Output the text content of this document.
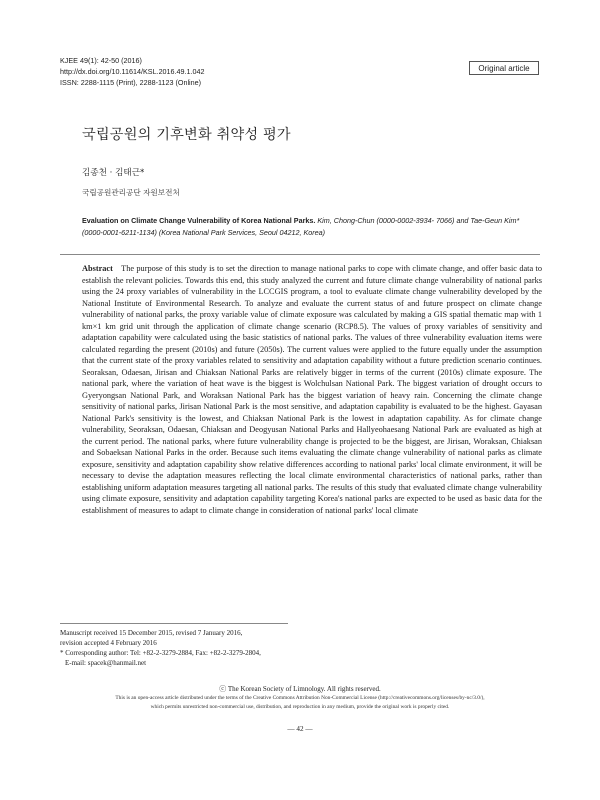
KJEE 49(1): 42-50 (2016)
http://dx.doi.org/10.11614/KSL.2016.49.1.042
ISSN: 2288-1115 (Print), 2288-1123 (Online)
Original article
국립공원의 기후변화 취약성 평가
김종천 · 김태근*
국립공원관리공단 자원보전처
Evaluation on Climate Change Vulnerability of Korea National Parks. Kim, Chong-Chun (0000-0002-3934- 7066) and Tae-Geun Kim* (0000-0001-6211-1134) (Korea National Park Services, Seoul 04212, Korea)
Abstract The purpose of this study is to set the direction to manage national parks to cope with climate change, and offer basic data to establish the relevant policies. Towards this end, this study analyzed the current and future climate change vulnerability of national parks using the 24 proxy variables of vulnerability in the LCCGIS program, a tool to evaluate climate change vulnerability developed by the National Institute of Environmental Research. To analyze and evaluate the current status of and future prospect on climate change vulnerability of national parks, the proxy variable value of climate exposure was calculated by making a GIS spatial thematic map with 1 km×1 km grid unit through the application of climate change scenario (RCP8.5). The values of proxy variables of sensitivity and adaptation capability were calculated using the basic statistics of national parks. The values of three vulnerability evaluation items were calculated regarding the present (2010s) and future (2050s). The current values were applied to the future equally under the assumption that the current state of the proxy variables related to sensitivity and adaptation capability without a future prediction scenario continues. Seoraksan, Odaesan, Jirisan and Chiaksan National Parks are relatively bigger in terms of the current (2010s) climate exposure. The national park, where the variation of heat wave is the biggest is Wolchulsan National Park. The biggest variation of drought occurs to Gyeryongsan National Park, and Woraksan National Park has the biggest variation of heavy rain. Concerning the climate change sensitivity of national parks, Jirisan National Park is the most sensitive, and adaptation capability is evaluated to be the highest. Gayasan National Park's sensitivity is the lowest, and Chiaksan National Park is the lowest in adaptation capability. As for climate change vulnerability, Seoraksan, Odaesan, Chiaksan and Deogyusan National Parks and Hallyeohaesang National Park are evaluated as high at the current period. The national parks, where future vulnerability change is projected to be the biggest, are Jirisan, Woraksan, Chiaksan and Sobaeksan National Parks in the order. Because such items evaluating the climate change vulnerability of national parks as climate exposure, sensitivity and adaptation capability show relative differences according to national parks' local climate environment, it will be necessary to devise the adaptation measures reflecting the local climate environmental characteristics of national parks, rather than establishing uniform adaptation measures targeting all national parks. The results of this study that evaluated climate change vulnerability using climate exposure, sensitivity and adaptation capability targeting Korea's national parks are expected to be used as basic data for the establishment of measures to adapt to climate change in consideration of national parks' local climate
Manuscript received 15 December 2015, revised 7 January 2016,
revision accepted 4 February 2016
* Corresponding author: Tel: +82-2-3279-2884, Fax: +82-2-3279-2804,
E-mail: spacek@hanmail.net
ⓒ The Korean Society of Limnology. All rights reserved.
This is an open-access article distributed under the terms of the Creative Commons Attribution Non-Commercial License (http://creativecommons.org/licenses/by-nc/3.0/),
which permits unrestricted non-commercial use, distribution, and reproduction in any medium, provide the original work is properly cited.
— 42 —
